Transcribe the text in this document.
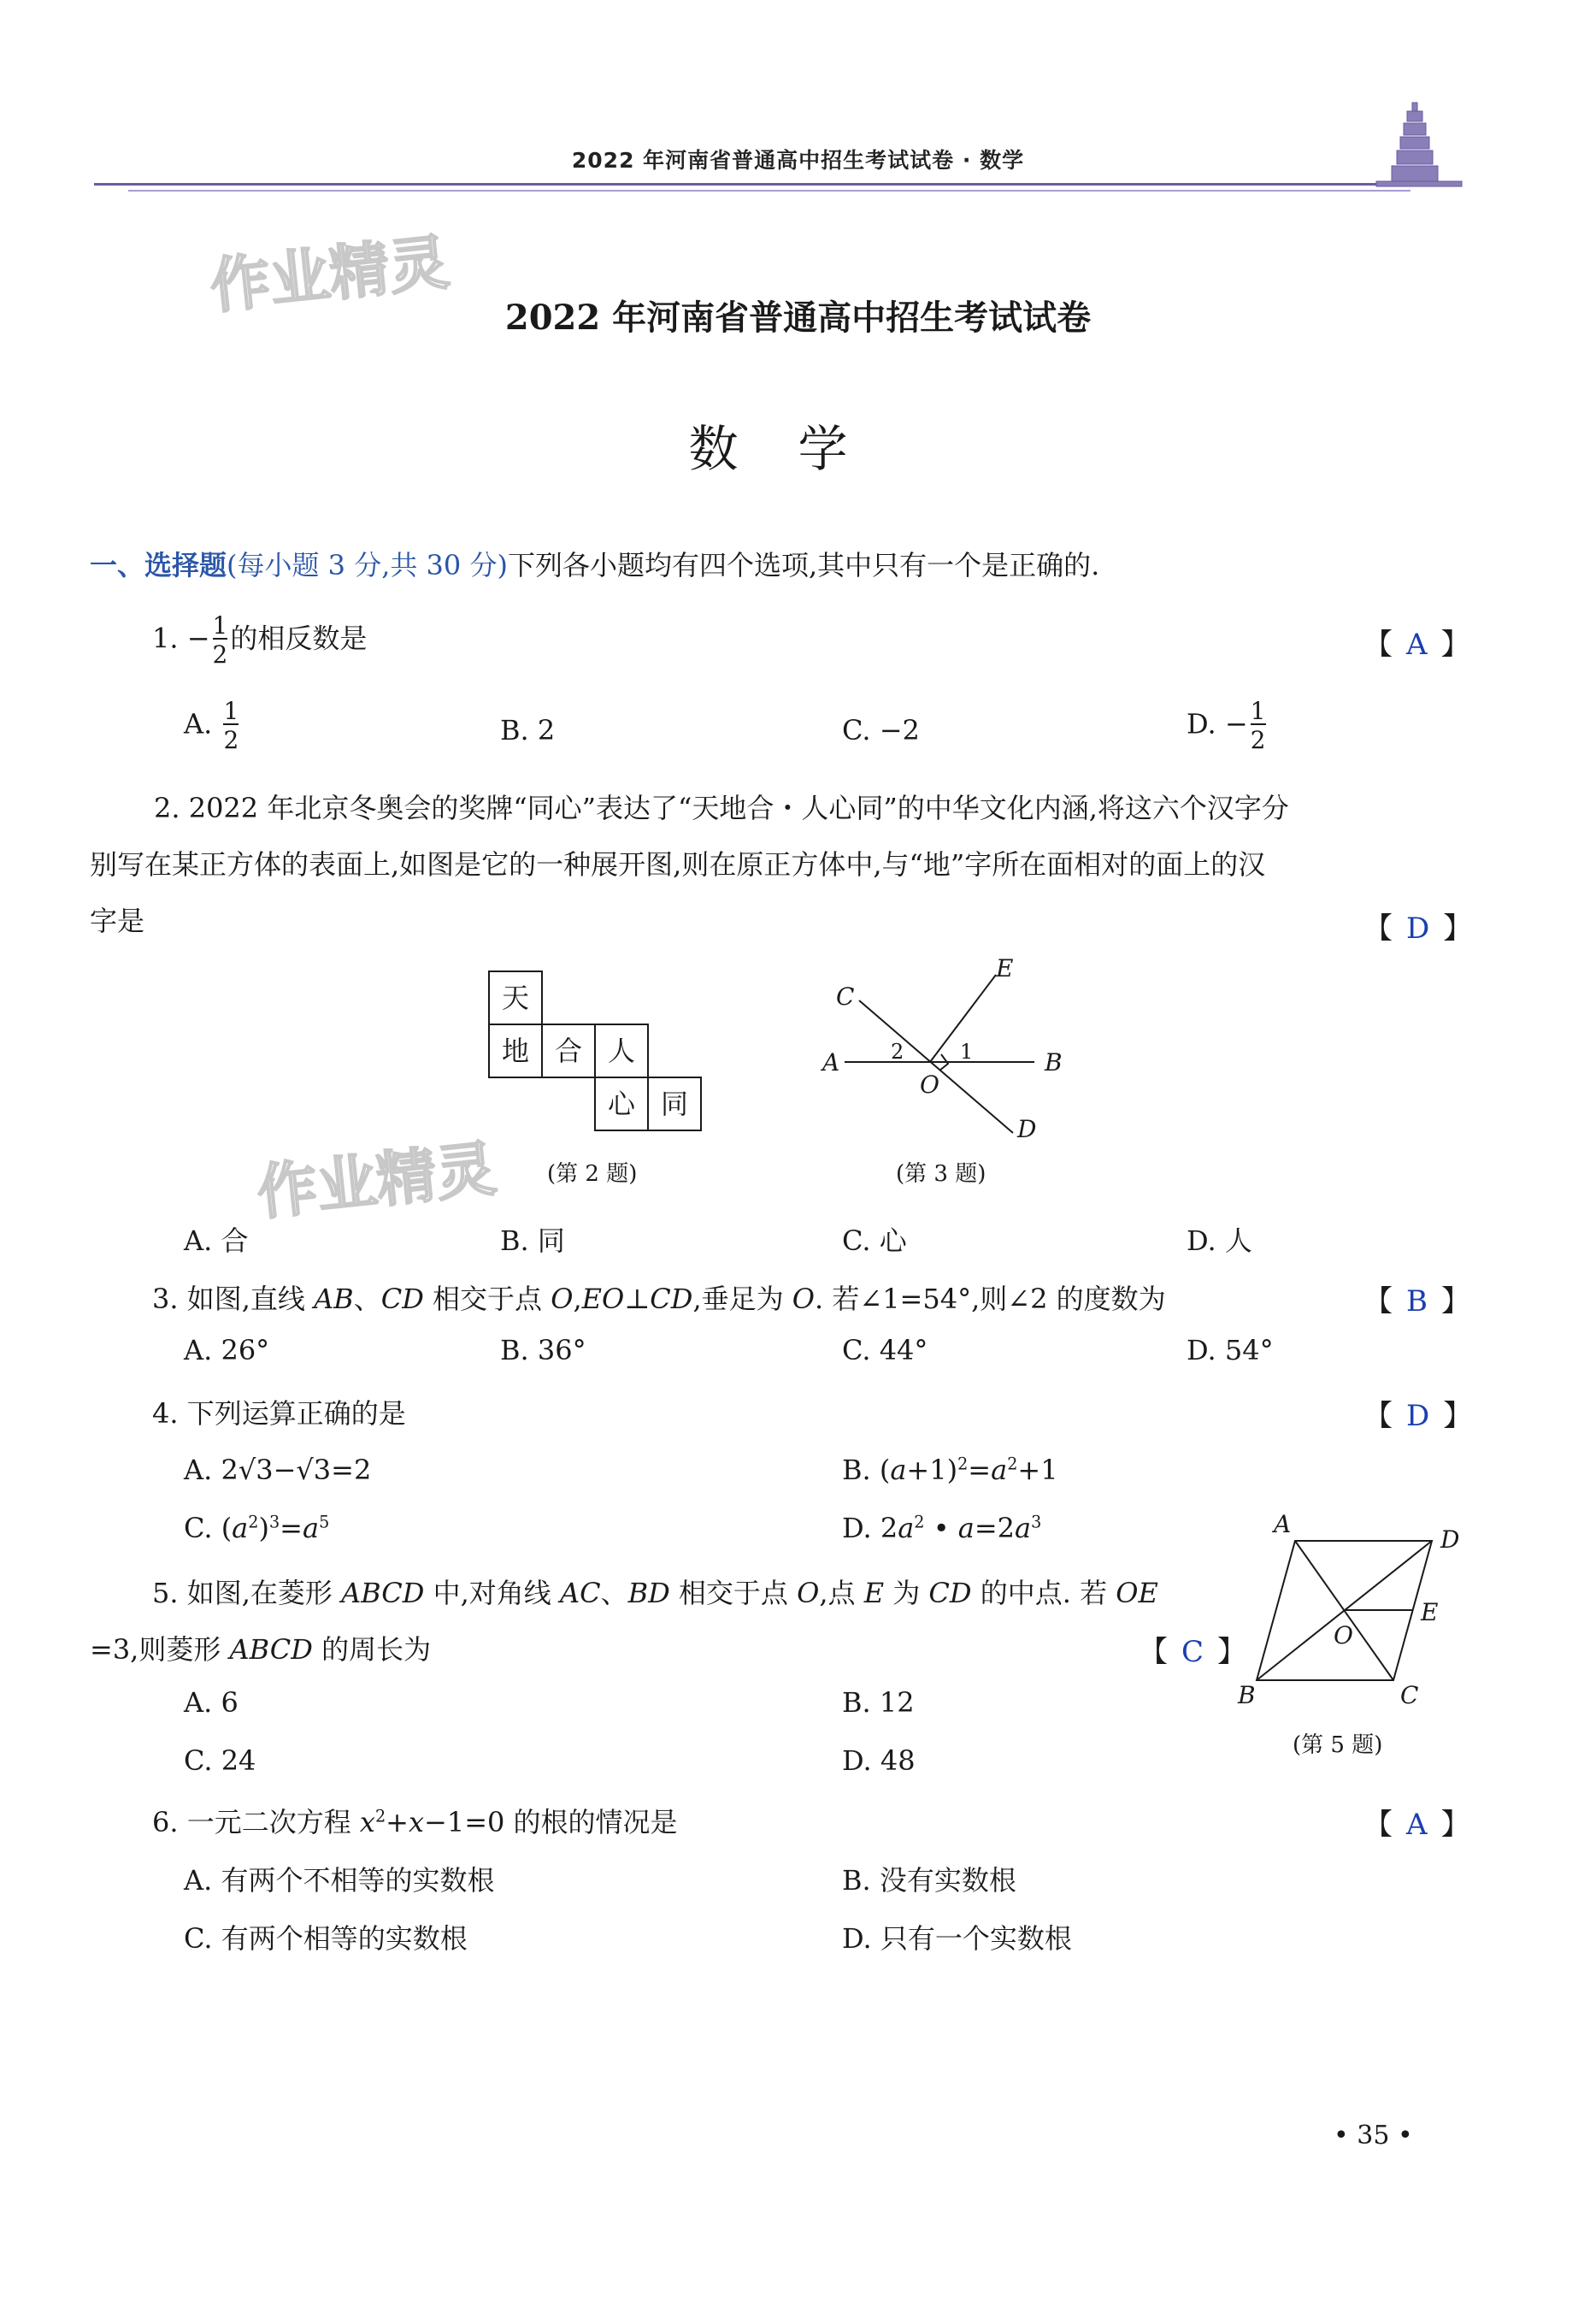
2022 年河南省普通高中招生考试试卷 · 数学
作业精灵
作业精灵
2022 年河南省普通高中招生考试试卷
数学
一、选择题(每小题 3 分,共 30 分)下列各小题均有四个选项,其中只有一个是正确的.
1. − $\frac{1}{2}$ 的相反数是	【 A 】
A. $\frac{1}{2}$	B. 2	C. −2	D. − $\frac{1}{2}$
2. 2022 年北京冬奥会的奖牌“同心”表达了“天地合・人心同”的中华文化内涵,将这六个汉字分
别写在某正方体的表面上,如图是它的一种展开图,则在原正方体中,与“地”字所在面相对的面上的汉
字是	【 D 】
天
地 合 人
心 同
(第 2 题)
C
E
A 2	1	B
O
D
(第 3 题)
A. 合	B. 同	C. 心	D. 人
3. 如图,直线 AB、CD 相交于点 O,EO⊥CD,垂足为 O. 若∠1=54°,则∠2 的度数为	【 B 】
A. 26°	B. 36°	C. 44°	D. 54°
4. 下列运算正确的是	【 D 】
A. 2√3−√3=2	B. $(a+1)^2=a^2+1$
C. $(a^2)^3=a^5$	D. $2a^2$ • $a=2a^3$	A
D
E
O
B	C
(第 5 题)
5. 如图,在菱形 ABCD 中,对角线 AC、BD 相交于点 O,点 E 为 CD 的中点. 若 OE
=3,则菱形 ABCD 的周长为	【 C 】
A. 6	B. 12
C. 24	D. 48
6. 一元二次方程 $x^2+x-1=0$ 的根的情况是	【 A 】
A. 有两个不相等的实数根	B. 没有实数根
C. 有两个相等的实数根	D. 只有一个实数根
• 35 •
